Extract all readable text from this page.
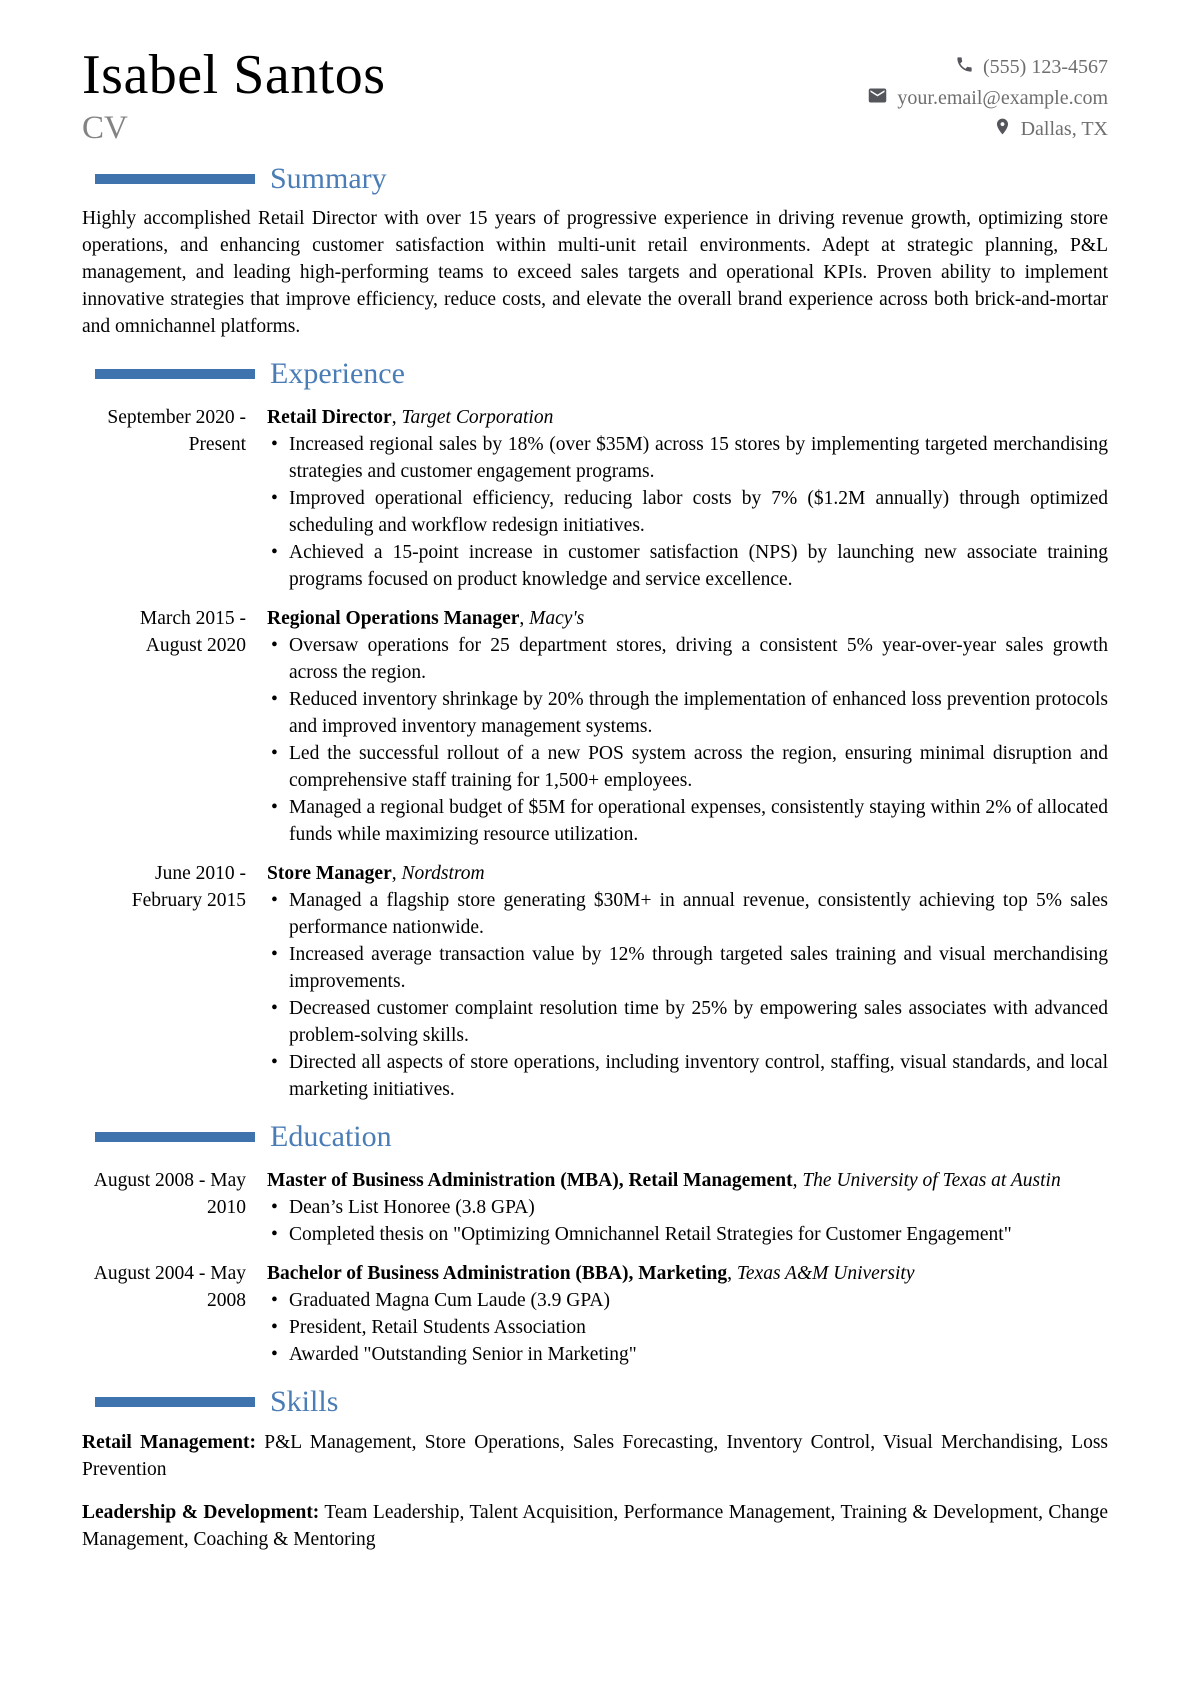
Isabel Santos
CV
(555) 123-4567
your.email@example.com
Dallas, TX
Summary
Highly accomplished Retail Director with over 15 years of progressive experience in driving revenue growth, optimizing store operations, and enhancing customer satisfaction within multi-unit retail environments. Adept at strategic planning, P&L management, and leading high-performing teams to exceed sales targets and operational KPIs. Proven ability to implement innovative strategies that improve efficiency, reduce costs, and elevate the overall brand experience across both brick-and-mortar and omnichannel platforms.
Experience
September 2020 - Present
Retail Director, Target Corporation
• Increased regional sales by 18% (over $35M) across 15 stores by implementing targeted merchandising strategies and customer engagement programs.
• Improved operational efficiency, reducing labor costs by 7% ($1.2M annually) through optimized scheduling and workflow redesign initiatives.
• Achieved a 15-point increase in customer satisfaction (NPS) by launching new associate training programs focused on product knowledge and service excellence.
March 2015 - August 2020
Regional Operations Manager, Macy's
• Oversaw operations for 25 department stores, driving a consistent 5% year-over-year sales growth across the region.
• Reduced inventory shrinkage by 20% through the implementation of enhanced loss prevention protocols and improved inventory management systems.
• Led the successful rollout of a new POS system across the region, ensuring minimal disruption and comprehensive staff training for 1,500+ employees.
• Managed a regional budget of $5M for operational expenses, consistently staying within 2% of allocated funds while maximizing resource utilization.
June 2010 - February 2015
Store Manager, Nordstrom
• Managed a flagship store generating $30M+ in annual revenue, consistently achieving top 5% sales performance nationwide.
• Increased average transaction value by 12% through targeted sales training and visual merchandising improvements.
• Decreased customer complaint resolution time by 25% by empowering sales associates with advanced problem-solving skills.
• Directed all aspects of store operations, including inventory control, staffing, visual standards, and local marketing initiatives.
Education
August 2008 - May 2010
Master of Business Administration (MBA), Retail Management, The University of Texas at Austin
• Dean’s List Honoree (3.8 GPA)
• Completed thesis on "Optimizing Omnichannel Retail Strategies for Customer Engagement"
August 2004 - May 2008
Bachelor of Business Administration (BBA), Marketing, Texas A&M University
• Graduated Magna Cum Laude (3.9 GPA)
• President, Retail Students Association
• Awarded "Outstanding Senior in Marketing"
Skills
Retail Management: P&L Management, Store Operations, Sales Forecasting, Inventory Control, Visual Merchandising, Loss Prevention
Leadership & Development: Team Leadership, Talent Acquisition, Performance Management, Training & Development, Change Management, Coaching & Mentoring
